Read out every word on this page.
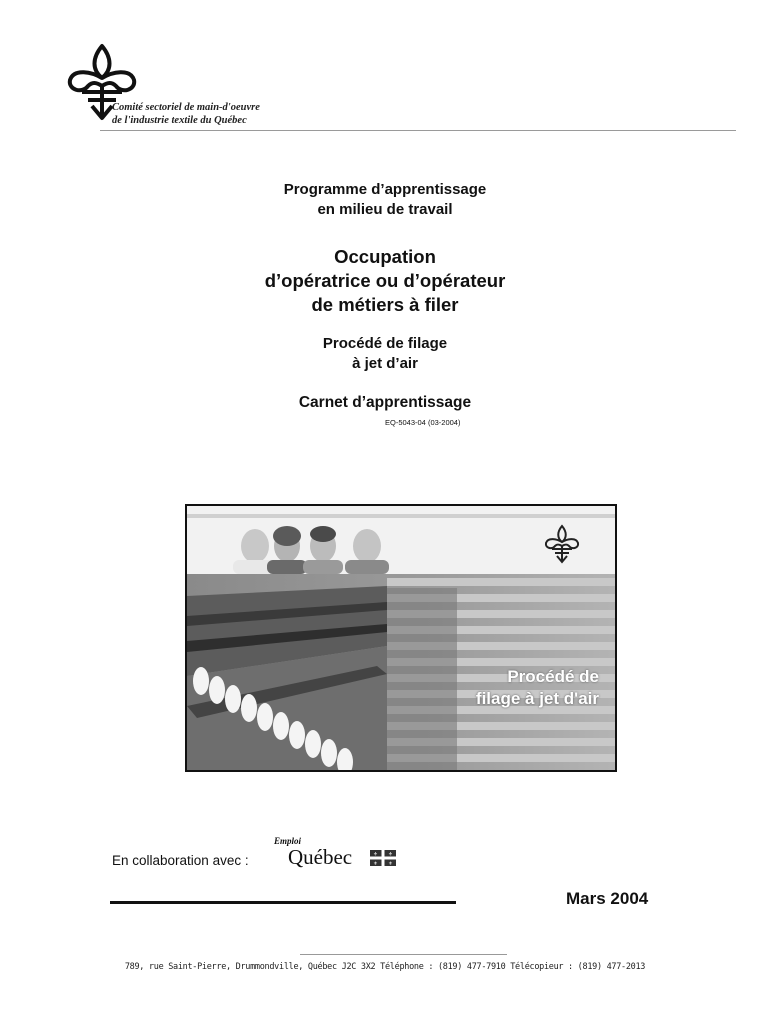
Comité sectoriel de main-d'oeuvre
de l'industrie textile du Québec
Programme d’apprentissage
en milieu de travail
Occupation
d’opératrice ou d’opérateur
de métiers à filer
Procédé de filage
à jet d’air
Carnet d’apprentissage
EQ-5043-04 (03-2004)
Procédé de
filage à jet d'air
En collaboration avec :
Emploi
Québec	⚜ ⚜
⚜ ⚜
Mars 2004
789, rue Saint-Pierre, Drummondville, Québec J2C 3X2 Téléphone : (819) 477-7910 Télécopieur : (819) 477-2013
